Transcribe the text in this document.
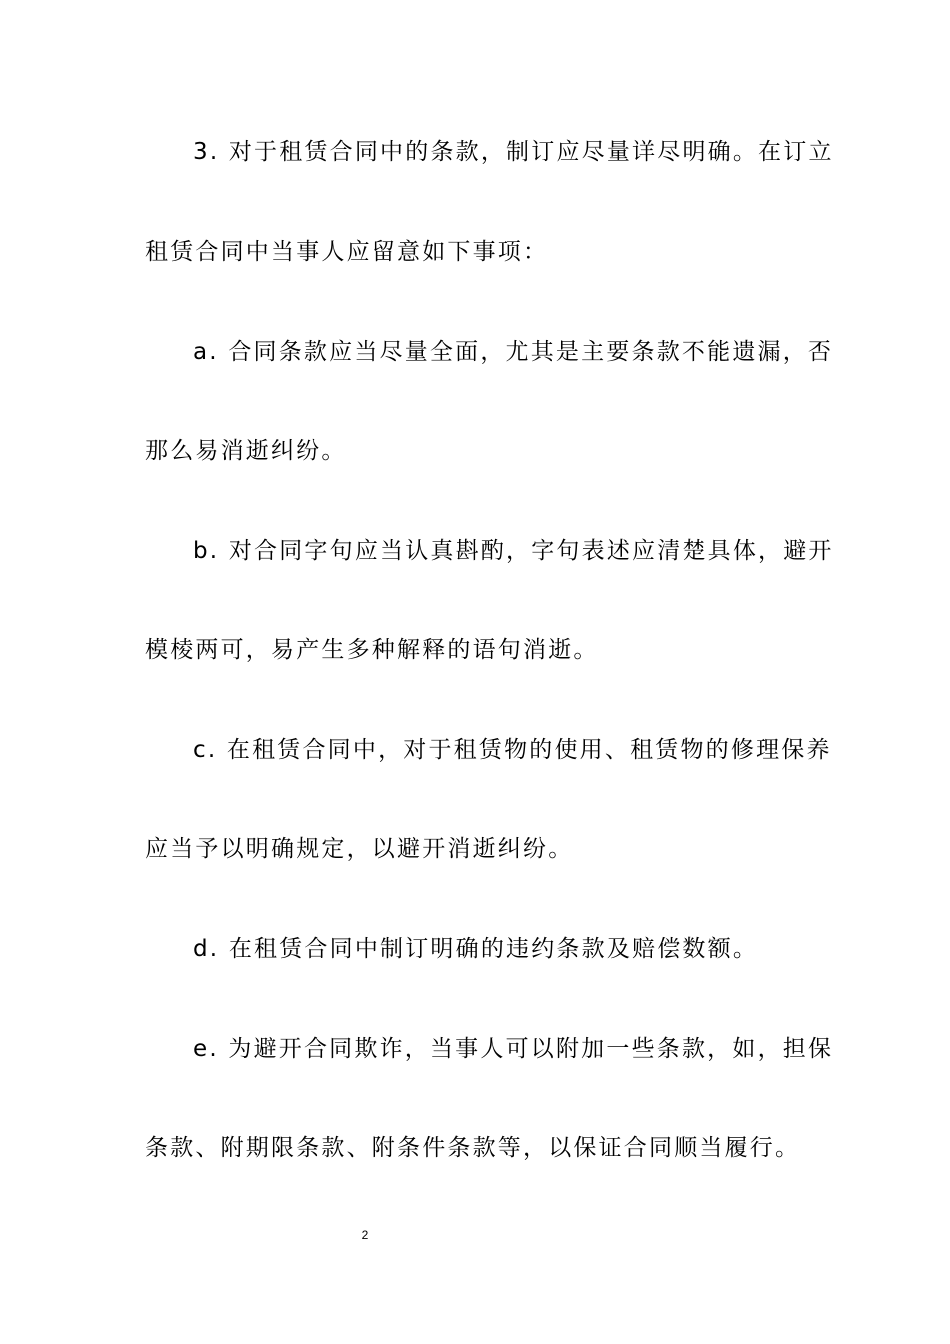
3. 对于租赁合同中的条款，制订应尽量详尽明确。在订立
租赁合同中当事人应留意如下事项：
a. 合同条款应当尽量全面，尤其是主要条款不能遗漏，否
那么易消逝纠纷。
b. 对合同字句应当认真斟酌，字句表述应清楚具体，避开
模棱两可，易产生多种解释的语句消逝。
c. 在租赁合同中，对于租赁物的使用、租赁物的修理保养
应当予以明确规定，以避开消逝纠纷。
d. 在租赁合同中制订明确的违约条款及赔偿数额。
e. 为避开合同欺诈，当事人可以附加一些条款，如，担保
条款、附期限条款、附条件条款等，以保证合同顺当履行。
2
